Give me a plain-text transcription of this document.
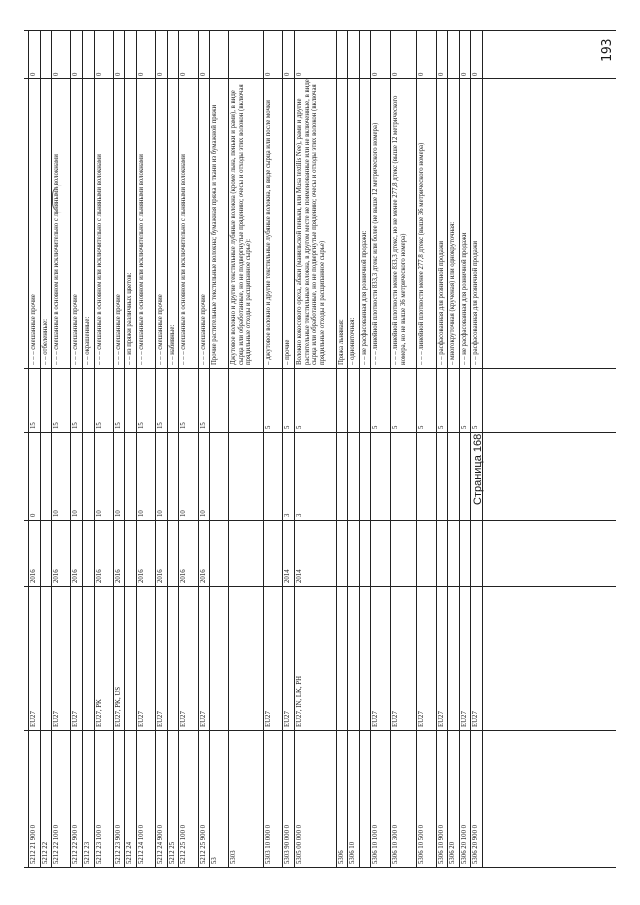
5212 21 900 0
– – – смешанные прочие
15
0
2016
EU27
0
5212 22
– – отбеленные:
5212 22 100 0
– – – смешанные в основном или исключительно с льняными волокнами
15
10
2016
EU27
0
5212 22 900 0
– – – смешанные прочие
15
10
2016
EU27
0
5212 23
– – окрашенные:
5212 23 100 0
– – – смешанные в основном или исключительно с льняными волокнами
15
10
2016
EU27, PK
0
5212 23 900 0
– – – смешанные прочие
15
10
2016
EU27, PK, US
0
5212 24
– – из пряжи различных цветов:
5212 24 100 0
– – – смешанные в основном или исключительно с льняными волокнами
15
10
2016
EU27
0
5212 24 900 0
– – – смешанные прочие
15
10
2016
EU27
0
5212 25
– – набивные:
5212 25 100 0
– – – смешанные в основном или исключительно с льняными волокнами
15
10
2016
EU27
0
5212 25 900 0
– – – смешанные прочие
15
10
2016
EU27
0
53
Прочие растительные текстильные волокна; бумажная пряжа и ткани из бумажной пряжи
5303
Джутовое волокно и другие текстильные лубяные волокна (кроме льна, пеньки и рами), в виде сырца или обработанные, но не подвергнутые прядению; очесы и отходы этих волокон (включая прядильные отходы и расщипанное сырье):
5303 10 000 0
– джутовое волокно и другие текстильные лубяные волокна, в виде сырца или после мочки
5
EU27
0
5303 90 000 0
– прочие
5
3
2014
EU27
0
5305 00 000 0
Волокно кокосового ореха, абаки (манильской пеньки, или Musa textilis Nee), рами и другие растительные текстильные волокна, в другом месте не поименованные или не включенные, в виде сырца или обработанные, но не подвергнутые прядению; очесы и отходы этих волокон (включая прядильные отходы и расщипанное сырье)
5
3
2014
EU27, IN, LK, PH
0
5306
Пряжа льняная:
5306 10
– однониточная: – – не расфасованная для розничной продажи:
5306 10 100 0
– – – линейной плотности 833,3 дтекс или более (не выше 12 метрического номера)
5
EU27
0
5306 10 300 0
– – – линейной плотности менее 833,3 дтекс, но не менее 277,8 дтекс (выше 12 метрического номера, но не выше 36 метрического номера)
5
EU27
0
5306 10 500 0
– – – линейной плотности менее 277,8 дтекс (выше 36 метрического номера)
5
EU27
0
5306 10 900 0
– – расфасованная для розничной продажи
5
EU27
0
5306 20
– многокруточная (крученая) или однокруточная:
5306 20 100 0
– – не расфасованная для розничной продажи
5
EU27
0
5306 20 900 0
– – расфасованная для розничной продажи
5
EU27
0
193
Страница 168
